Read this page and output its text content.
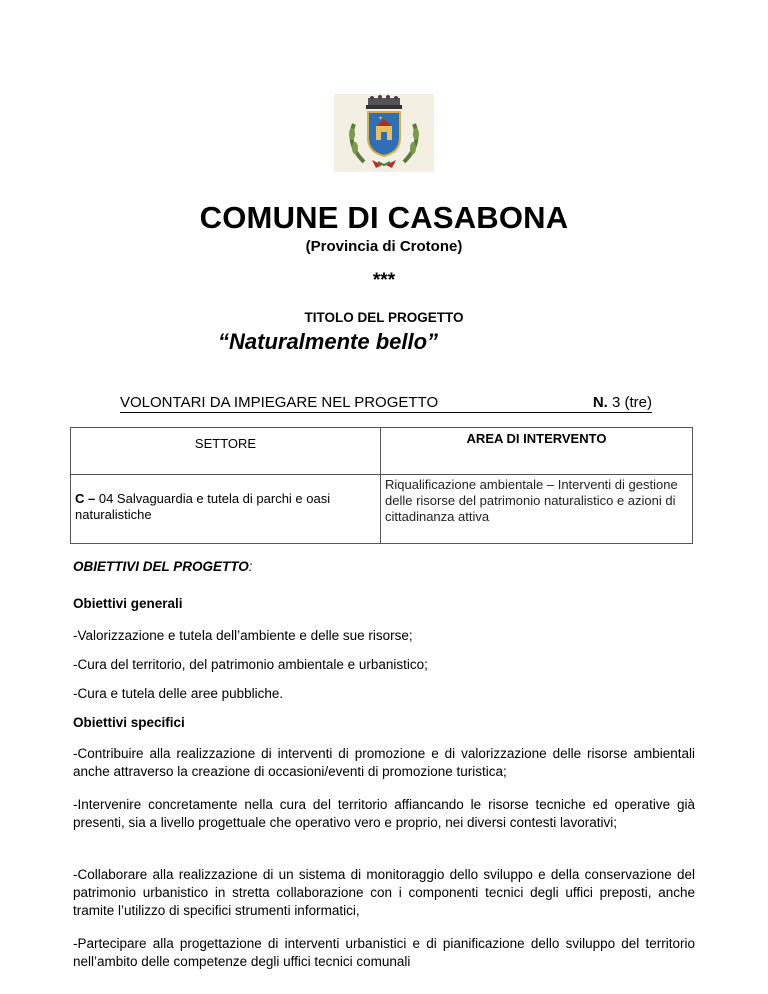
✦
COMUNE DI CASABONA
(Provincia di Crotone)
***
TITOLO DEL PROGETTO
“Naturalmente bello”
VOLONTARI DA IMPIEGARE NEL PROGETTO	N. 3 (tre)
SETTORE	AREA DI INTERVENTO

C – 04 Salvaguardia e tutela di parchi e oasi naturalistiche	Riqualificazione ambientale – Interventi di gestione delle risorse del patrimonio naturalistico e azioni di cittadinanza attiva
OBIETTIVI DEL PROGETTO:
Obiettivi generali
-Valorizzazione e tutela dell’ambiente e delle sue risorse;
-Cura del territorio, del patrimonio ambientale e urbanistico;
-Cura e tutela delle aree pubbliche.
Obiettivi specifici
-Contribuire alla realizzazione di interventi di promozione e di valorizzazione delle risorse ambientali anche attraverso la creazione di occasioni/eventi di promozione turistica;
-Intervenire concretamente nella cura del territorio affiancando le risorse tecniche ed operative già presenti, sia a livello progettuale che operativo vero e proprio, nei diversi contesti lavorativi;
-Collaborare alla realizzazione di un sistema di monitoraggio dello sviluppo e della conservazione del patrimonio urbanistico in stretta collaborazione con i componenti tecnici degli uffici preposti, anche tramite l’utilizzo di specifici strumenti informatici,
-Partecipare alla progettazione di interventi urbanistici e di pianificazione dello sviluppo del territorio nell’ambito delle competenze degli uffici tecnici comunali
